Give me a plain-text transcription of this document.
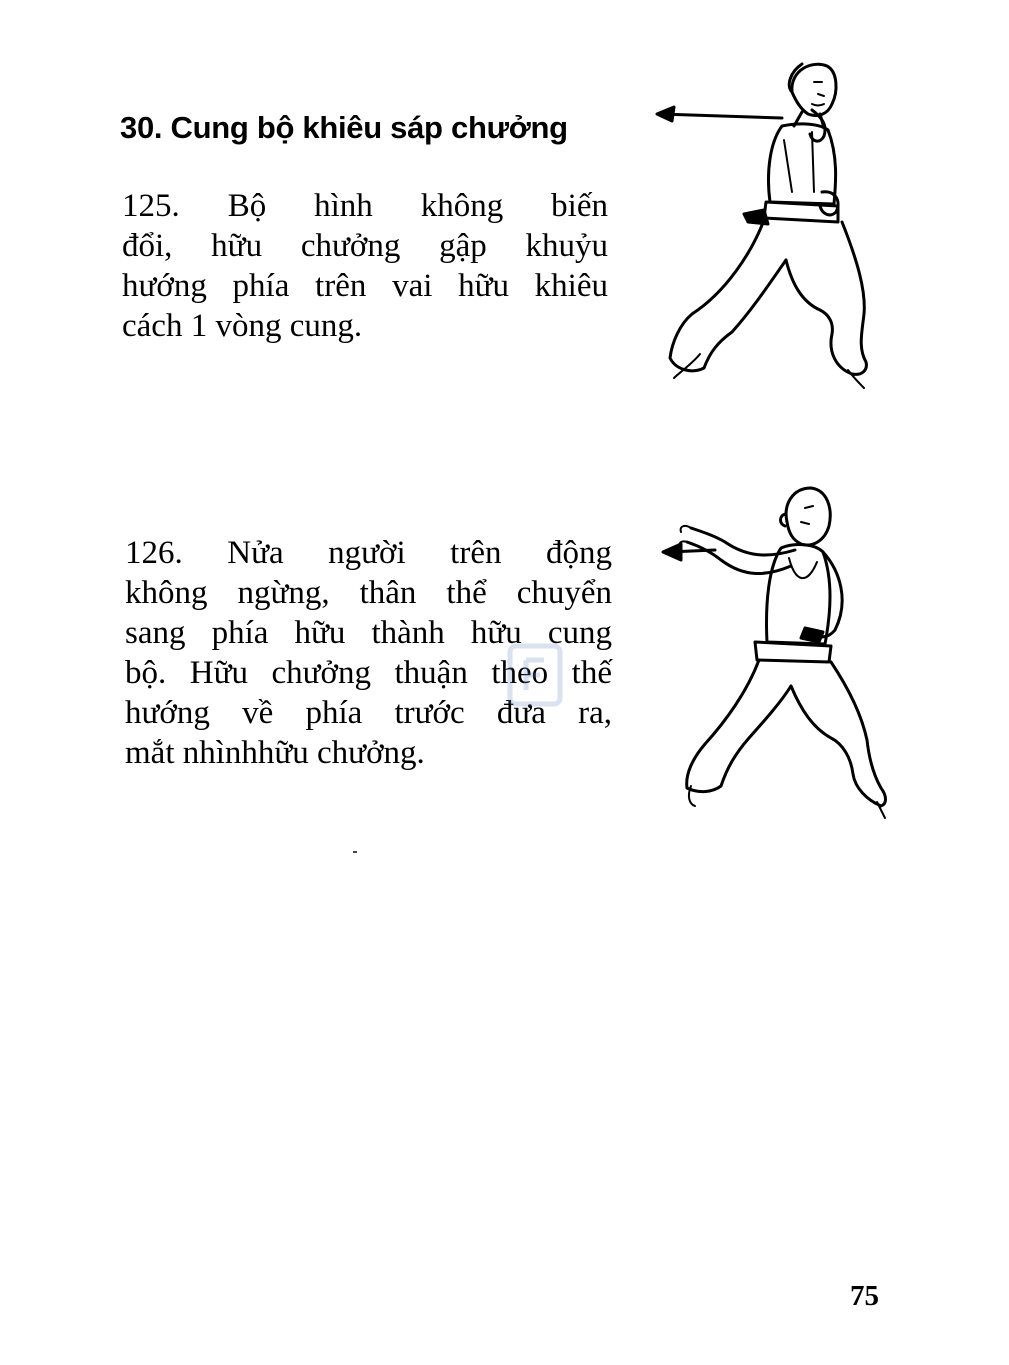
30. Cung bộ khiêu sáp chưởng
125. Bộ hình không biến
đổi, hữu chưởng gập khuỷu
hướng phía trên vai hữu khiêu
cách 1 vòng cung.
126. Nửa người trên động
không ngừng, thân thể chuyển
sang phía hữu thành hữu cung
bộ. Hữu chưởng thuận theo thế
hướng về phía trước đưa ra,
mắt nhìnhhữu chưởng.
75
